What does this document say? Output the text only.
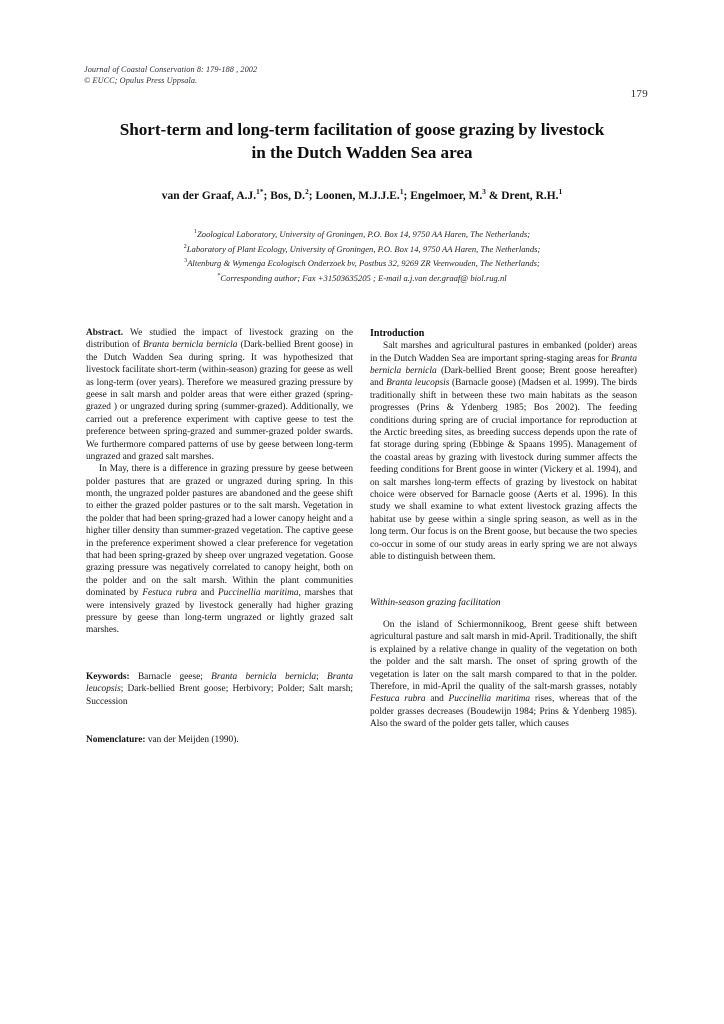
Journal of Coastal Conservation 8: 179-188 , 2002
© EUCC; Opulus Press Uppsala.
179
Short-term and long-term facilitation of goose grazing by livestock
in the Dutch Wadden Sea area
van der Graaf, A.J.$^{1*}$; Bos, D.$^2$; Loonen, M.J.J.E.$^1$; Engelmoer, M.$^3$ & Drent, R.H.$^1$
$^1$Zoological Laboratory, University of Groningen, P.O. Box 14, 9750 AA Haren, The Netherlands;
$^2$Laboratory of Plant Ecology, University of Groningen, P.O. Box 14, 9750 AA Haren, The Netherlands;
$^3$Altenburg & Wymenga Ecologisch Onderzoek bv, Postbus 32, 9269 ZR Veenwouden, The Netherlands;
*Corresponding author; Fax +31503635205 ; E-mail a.j.van der.graaf@ biol.rug.nl

Abstract. We studied the impact of livestock grazing on the distribution of Branta bernicla bernicla (Dark-bellied Brent goose) in the Dutch Wadden Sea during spring. It was hypothesized that livestock facilitate short-term (within-season) grazing for geese as well as long-term (over years). Therefore we measured grazing pressure by geese in salt marsh and polder areas that were either grazed (spring-grazed ) or ungrazed during spring (summer-grazed). Additionally, we carried out a preference experiment with captive geese to test the preference between spring-grazed and summer-grazed polder swards. We furthermore compared patterns of use by geese between long-term ungrazed and grazed salt marshes.

In May, there is a difference in grazing pressure by geese between polder pastures that are grazed or ungrazed during spring. In this month, the ungrazed polder pastures are abandoned and the geese shift to either the grazed polder pastures or to the salt marsh. Vegetation in the polder that had been spring-grazed had a lower canopy height and a higher tiller density than summer-grazed vegetation. The captive geese in the preference experiment showed a clear preference for vegetation that had been spring-grazed by sheep over ungrazed vegetation. Goose grazing pressure was negatively correlated to canopy height, both on the polder and on the salt marsh. Within the plant communities dominated by Festuca rubra and Puccinellia maritima, marshes that were intensively grazed by livestock generally had higher grazing pressure by geese than long-term ungrazed or lightly grazed salt marshes.

Keywords: Barnacle geese; Branta bernicla bernicla; Branta leucopsis; Dark-bellied Brent goose; Herbivory; Polder; Salt marsh; Succession

Nomenclature: van der Meijden (1990).

Introduction

Salt marshes and agricultural pastures in embanked (polder) areas in the Dutch Wadden Sea are important spring-staging areas for Branta bernicla bernicla (Dark-bellied Brent goose; Brent goose hereafter) and Branta leucopsis (Barnacle goose) (Madsen et al. 1999). The birds traditionally shift in between these two main habitats as the season progresses (Prins & Ydenberg 1985; Bos 2002). The feeding conditions during spring are of crucial importance for reproduction at the Arctic breeding sites, as breeding success depends upon the rate of fat storage during spring (Ebbinge & Spaans 1995). Management of the coastal areas by grazing with livestock during summer affects the feeding conditions for Brent goose in winter (Vickery et al. 1994), and on salt marshes long-term effects of grazing by livestock on habitat choice were observed for Barnacle goose (Aerts et al. 1996). In this study we shall examine to what extent livestock grazing affects the habitat use by geese within a single spring season, as well as in the long term. Our focus is on the Brent goose, but because the two species co-occur in some of our study areas in early spring we are not always able to distinguish between them.

Within-season grazing facilitation

On the island of Schiermonnikoog, Brent geese shift between agricultural pasture and salt marsh in mid-April. Traditionally, the shift is explained by a relative change in quality of the vegetation on both the polder and the salt marsh. The onset of spring growth of the vegetation is later on the salt marsh compared to that in the polder. Therefore, in mid-April the quality of the salt-marsh grasses, notably Festuca rubra and Puccinellia maritima rises, whereas that of the polder grasses decreases (Boudewijn 1984; Prins & Ydenberg 1985). Also the sward of the polder gets taller, which causes
